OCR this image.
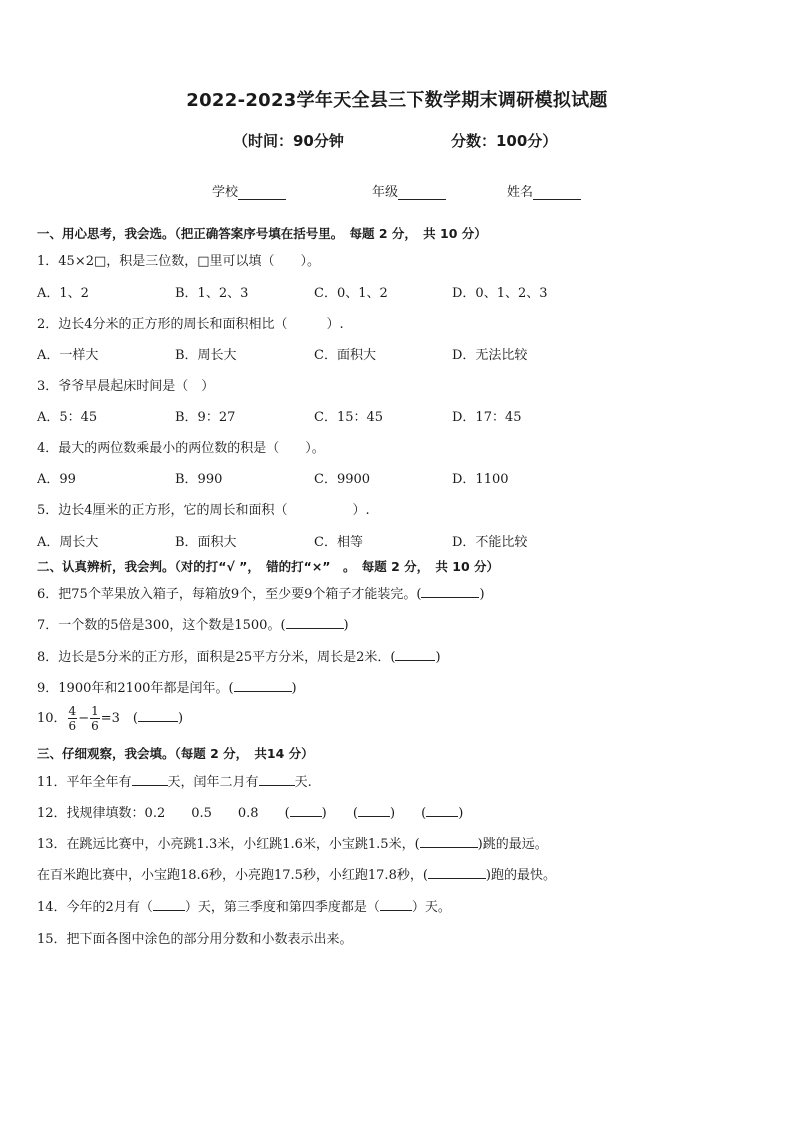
2022-2023学年天全县三下数学期末调研模拟试题
（时间：90分钟	分数：100分）
学校	年级	姓名
一、用心思考，我会选。（把正确答案序号填在括号里。　每题 2 分，　共 10 分）
1．45×2□，积是三位数，□里可以填（　　）。
A．1、2	B．1、2、3	C．0、1、2	D．0、1、2、3
2．边长4分米的正方形的周长和面积相比（　　　）.
A．一样大	B．周长大	C．面积大	D．无法比较
3．爷爷早晨起床时间是（　）
A．5：45	B．9：27	C．15：45	D．17：45
4．最大的两位数乘最小的两位数的积是（　　）。
A．99	B．990	C．9900	D．1100
5．边长4厘米的正方形，它的周长和面积（　　　　　）.
A．周长大	B．面积大	C．相等	D．不能比较
二、认真辨析，我会判。（对的打“√ ”，　错的打“×”　。　每题 2 分，　共 10 分）
6．把75个苹果放入箱子，每箱放9个，至少要9个箱子才能装完。(	)
7．一个数的5倍是300，这个数是1500。(	)
8．边长是5分米的正方形，面积是25平方分米，周长是2米．(	)
9．1900年和2100年都是闰年。(	)
10． $\frac{4}{6} - \frac{1}{6} =3$　(	)
三、仔细观察，我会填。（每题 2 分，　共14 分）
11．平年全年有	天，闰年二月有	天.
12．找规律填数：0.2　　0.5　　0.8　　( ) ( ) ( )
13．在跳远比赛中，小亮跳1.3米，小红跳1.6米，小宝跳1.5米，(	)跳的最远。
在百米跑比赛中，小宝跑18.6秒，小亮跑17.5秒，小红跑17.8秒，(	)跑的最快。
14．今年的2月有（ ）天，第三季度和第四季度都是（ ）天。
15．把下面各图中涂色的部分用分数和小数表示出来。
